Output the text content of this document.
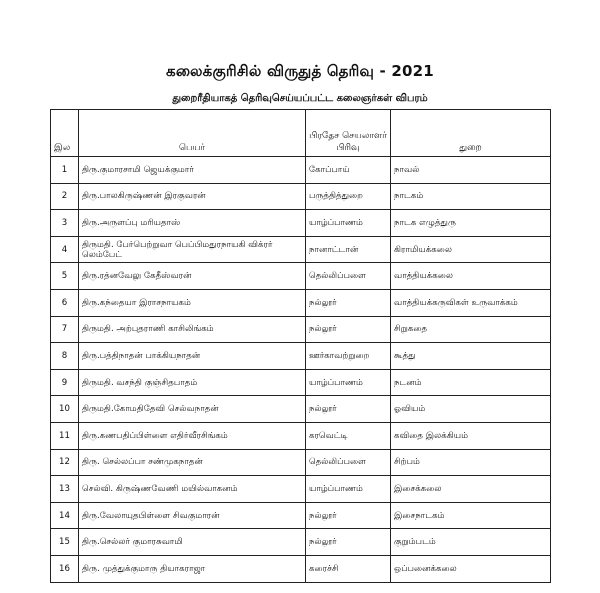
கலைக்குரிசில் விருதுத் தெரிவு - 2021
துறைரீதியாகத் தெரிவுசெய்யப்பட்ட கலைஞர்கள் விபரம்
இல	பெயர்	பிரதேச செயலாளர் பிரிவு	துறை
1	திரு.குமாரசாமி ஜெயக்குமார்	கோப்பாய்	நாவல்
2	திரு.பாலகிருஷ்ணன் இரகுவரன்	பருத்தித்துறை	நாடகம்
3	திரு.அருளப்பு மரியதாஸ்	யாழ்ப்பாணம்	நாடக எழுத்துரு
4	திருமதி. பேர்பெற்றுவா பெப்பிமதுரநாயகி விக்ரர் லெம்பேட்	நானாட்டான்	கிராமியக்கலை
5	திரு.ரத்னவேலு கேதீஸ்வரன்	தெல்லிப்பளை	வாத்தியக்கலை
6	திரு.கந்தையா இராசநாயகம்	நல்லூர்	வாத்தியக்கருவிகள் உருவாக்கம்
7	திருமதி. அற்புதராணி காசிலிங்கம்	நல்லூர்	சிறுகதை
8	திரு.பத்திநாதன் பாக்கியநாதன்	ஊர்காவற்றுறை	கூத்து
9	திருமதி. வசந்தி குஞ்சிதபாதம்	யாழ்ப்பாணம்	நடனம்
10	திருமதி.கோமதிதேவி செல்வநாதன்	நல்லூர்	ஓவியம்
11	திரு.கணபதிப்பிள்ளை எதிர்வீரசிங்கம்	கரவெட்டி	கவிதை இலக்கியம்
12	திரு. செல்லப்பா சண்முகநாதன்	தெல்லிப்பளை	சிற்பம்
13	செல்வி. கிருஷ்ணவேணி மயில்வாகனம்	யாழ்ப்பாணம்	இசைக்கலை
14	திரு.வேலாயுதபிள்ளை சிவகுமாரன்	நல்லூர்	இசைநாடகம்
15	திரு.செல்லர் குமாரசுவாமி	நல்லூர்	குறும்படம்
16	திரு. முத்துக்குமாரு தியாகராஜா	கரைச்சி	ஒப்பனைக்கலை
